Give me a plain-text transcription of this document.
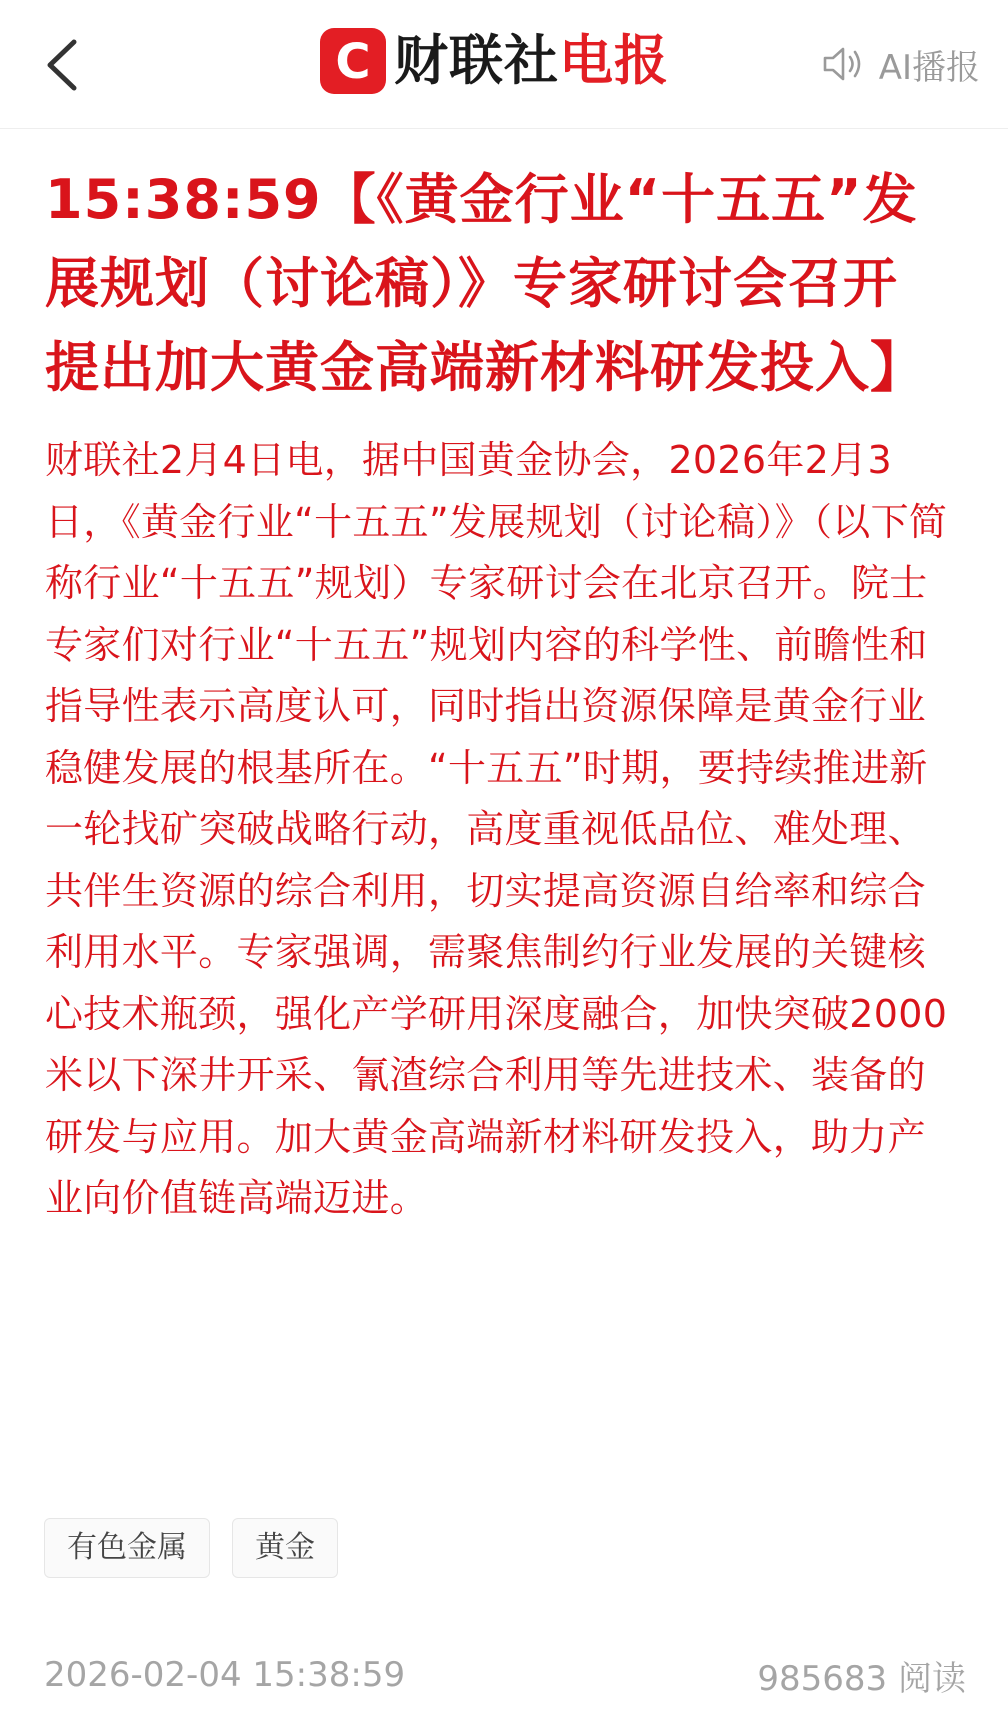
C 财联社电报	AI播报
15:38:59【《黄金行业“十五五”发展规划（讨论稿）》专家研讨会召开 提出加大黄金高端新材料研发投入】

财联社2月4日电，据中国黄金协会，2026年2月3日，《黄金行业“十五五”发展规划（讨论稿）》（以下简称行业“十五五”规划）专家研讨会在北京召开。院士专家们对行业“十五五”规划内容的科学性、前瞻性和指导性表示高度认可，同时指出资源保障是黄金行业稳健发展的根基所在。“十五五”时期，要持续推进新一轮找矿突破战略行动，高度重视低品位、难处理、共伴生资源的综合利用，切实提高资源自给率和综合利用水平。专家强调，需聚焦制约行业发展的关键核心技术瓶颈，强化产学研用深度融合，加快突破2000米以下深井开采、氰渣综合利用等先进技术、装备的研发与应用。加大黄金高端新材料研发投入，助力产业向价值链高端迈进。

有色金属	黄金
2026-02-04 15:38:59	985683 阅读
